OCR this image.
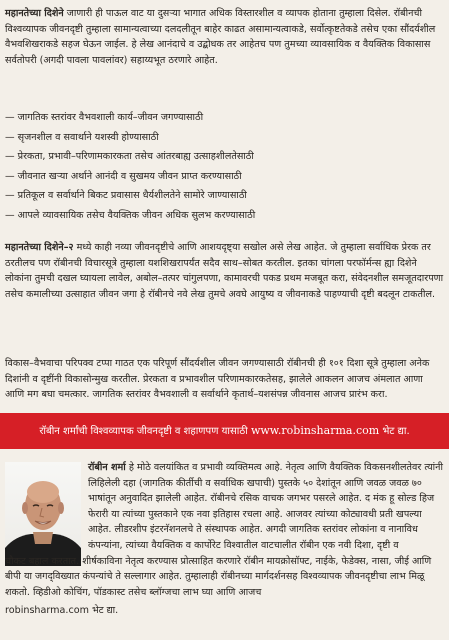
महानतेच्या दिशेने जाणारी ही पाऊल वाट या दुसऱ्या भागात अधिक विस्तारशील व व्यापक होताना तुम्हाला दिसेल. रॉबीनची विश्वव्यापक जीवनदृष्टी तुम्हाला सामान्यत्वाच्या दलदलीतून बाहेर काढत असामान्यत्वाकडे, सर्वोत्कृष्टतेकडे तसेच एका सौंदर्यशील वैभवशिखराकडे सहज घेऊन जाईल. हे लेख आनंदाचे व उद्बोधक तर आहेतच पण तुमच्या व्यावसायिक व वैयक्तिक विकासास सर्वतोपरी (अगदी पावला पावलांवर) सहाय्यभूत ठरणारे आहेत.

— जागतिक स्तरांवर वैभवशाली कार्य–जीवन जगण्यासाठी
— सृजनशील व सवार्थाने यशस्वी होण्यासाठी
— प्रेरकता, प्रभावी–परिणामकारकता तसेच आंतरबाह्य उत्साहशीलतेसाठी
— जीवनात खऱ्या अर्थाने आनंदी व सुखमय जीवन प्राप्त करण्यासाठी
— प्रतिकूल व सर्वार्थाने बिकट प्रवासास धैर्यशीलतेने सामोरे जाण्यासाठी
— आपले व्यावसायिक तसेच वैयक्तिक जीवन अधिक सुलभ करण्यासाठी

महानतेच्या दिशेने–२ मध्ये काही नव्या जीवनदृष्टीचे आणि आशयदृष्ट्या सखोल असे लेख आहेत. जे तुम्हाला सर्वाधिक प्रेरक तर ठरतीलच पण रॉबीनची विचारसूत्रे तुम्हाला यशशिखरापर्यंत सदैव साथ–सोबत करतील. इतका चांगला परफॉर्मन्स ह्या दिशेने लोकांना तुमची दखल घ्यायला लावेल, अबोल–तत्पर चांगुलपणा, कामावरची पकड प्रथम मजबूत करा, संवेदनशील समजूतदारपणा तसेच कमालीच्या उत्साहात जीवन जगा हे रॉबीनचे नवे लेख तुमचे अवघे आयुष्य व जीवनाकडे पाहण्याची दृष्टी बदलून टाकतील.

विकास–वैभवाचा परिपक्व टप्पा गाठत एक परिपूर्ण सौंदर्यशील जीवन जगण्यासाठी रॉबीनची ही १०१ दिशा सूत्रे तुम्हाला अनेक दिशांनी व दृष्टींनी विकासोन्मुख करतील. प्रेरकता व प्रभावशील परिणामकारकतेसह, झालेले आकलन आजच अंमलात आणा आणि मग बघा चमत्कार. जागतिक स्तरांवर वैभवशाली व सर्वार्थाने कृतार्थ–यशसंपन्न जीवनास आजच प्रारंभ करा.

रॉबीन शर्मांची विश्वव्यापक जीवनदृष्टी व शहाणपण यासाठी www.robinsharma.com भेट द्या.

रॉबीन शर्मा हे मोठे वलयांकित व प्रभावी व्यक्तिमत्व आहे. नेतृत्व आणि वैयक्तिक विकसनशीलतेवर त्यांनी लिहिलेली दहा (जागतिक कीर्तीची व सर्वाधिक खपाची) पुस्तके ५० देशांतून आणि जवळ जवळ ७० भाषांतून अनुवादित झालेली आहेत. रॉबीनचे रसिक वाचक जगभर पसरले आहेत. द मंक हू सोल्ड हिज फेरारी या त्यांच्या पुस्तकाने एक नवा इतिहास रचला आहे. आजवर त्यांच्या कोट्यावधी प्रती खपल्या आहेत. लीडरशीप इंटरनॅशनलचे ते संस्थापक आहेत. अगदी जागतिक स्तरांवर लोकांना व नानाविध कंपन्यांना, त्यांच्या वैयक्तिक व कार्पोरेट विश्वातील वाटचालीत रॉबीन एक नवी दिशा, दृष्टी व
चौकट बहाल करतात. शीर्षकाविना नेतृत्व करण्यास प्रोत्साहित करणारे रॉबीन मायक्रोसॉफ्ट, नाईके, फेडेक्स, नासा, जीई आणि बीपी या जगद्‌विख्यात कंपन्यांचे ते सल्लागार आहेत. तुम्हालाही रॉबीनच्या मार्गदर्शनसह विश्वव्यापक जीवनदृष्टीचा लाभ मिळू शकतो. व्हिडीओ कोचिंग, पॉडकास्ट तसेच ब्लॉग्जचा लाभ घ्या आणि आजच

robinsharma.com भेट द्या.
